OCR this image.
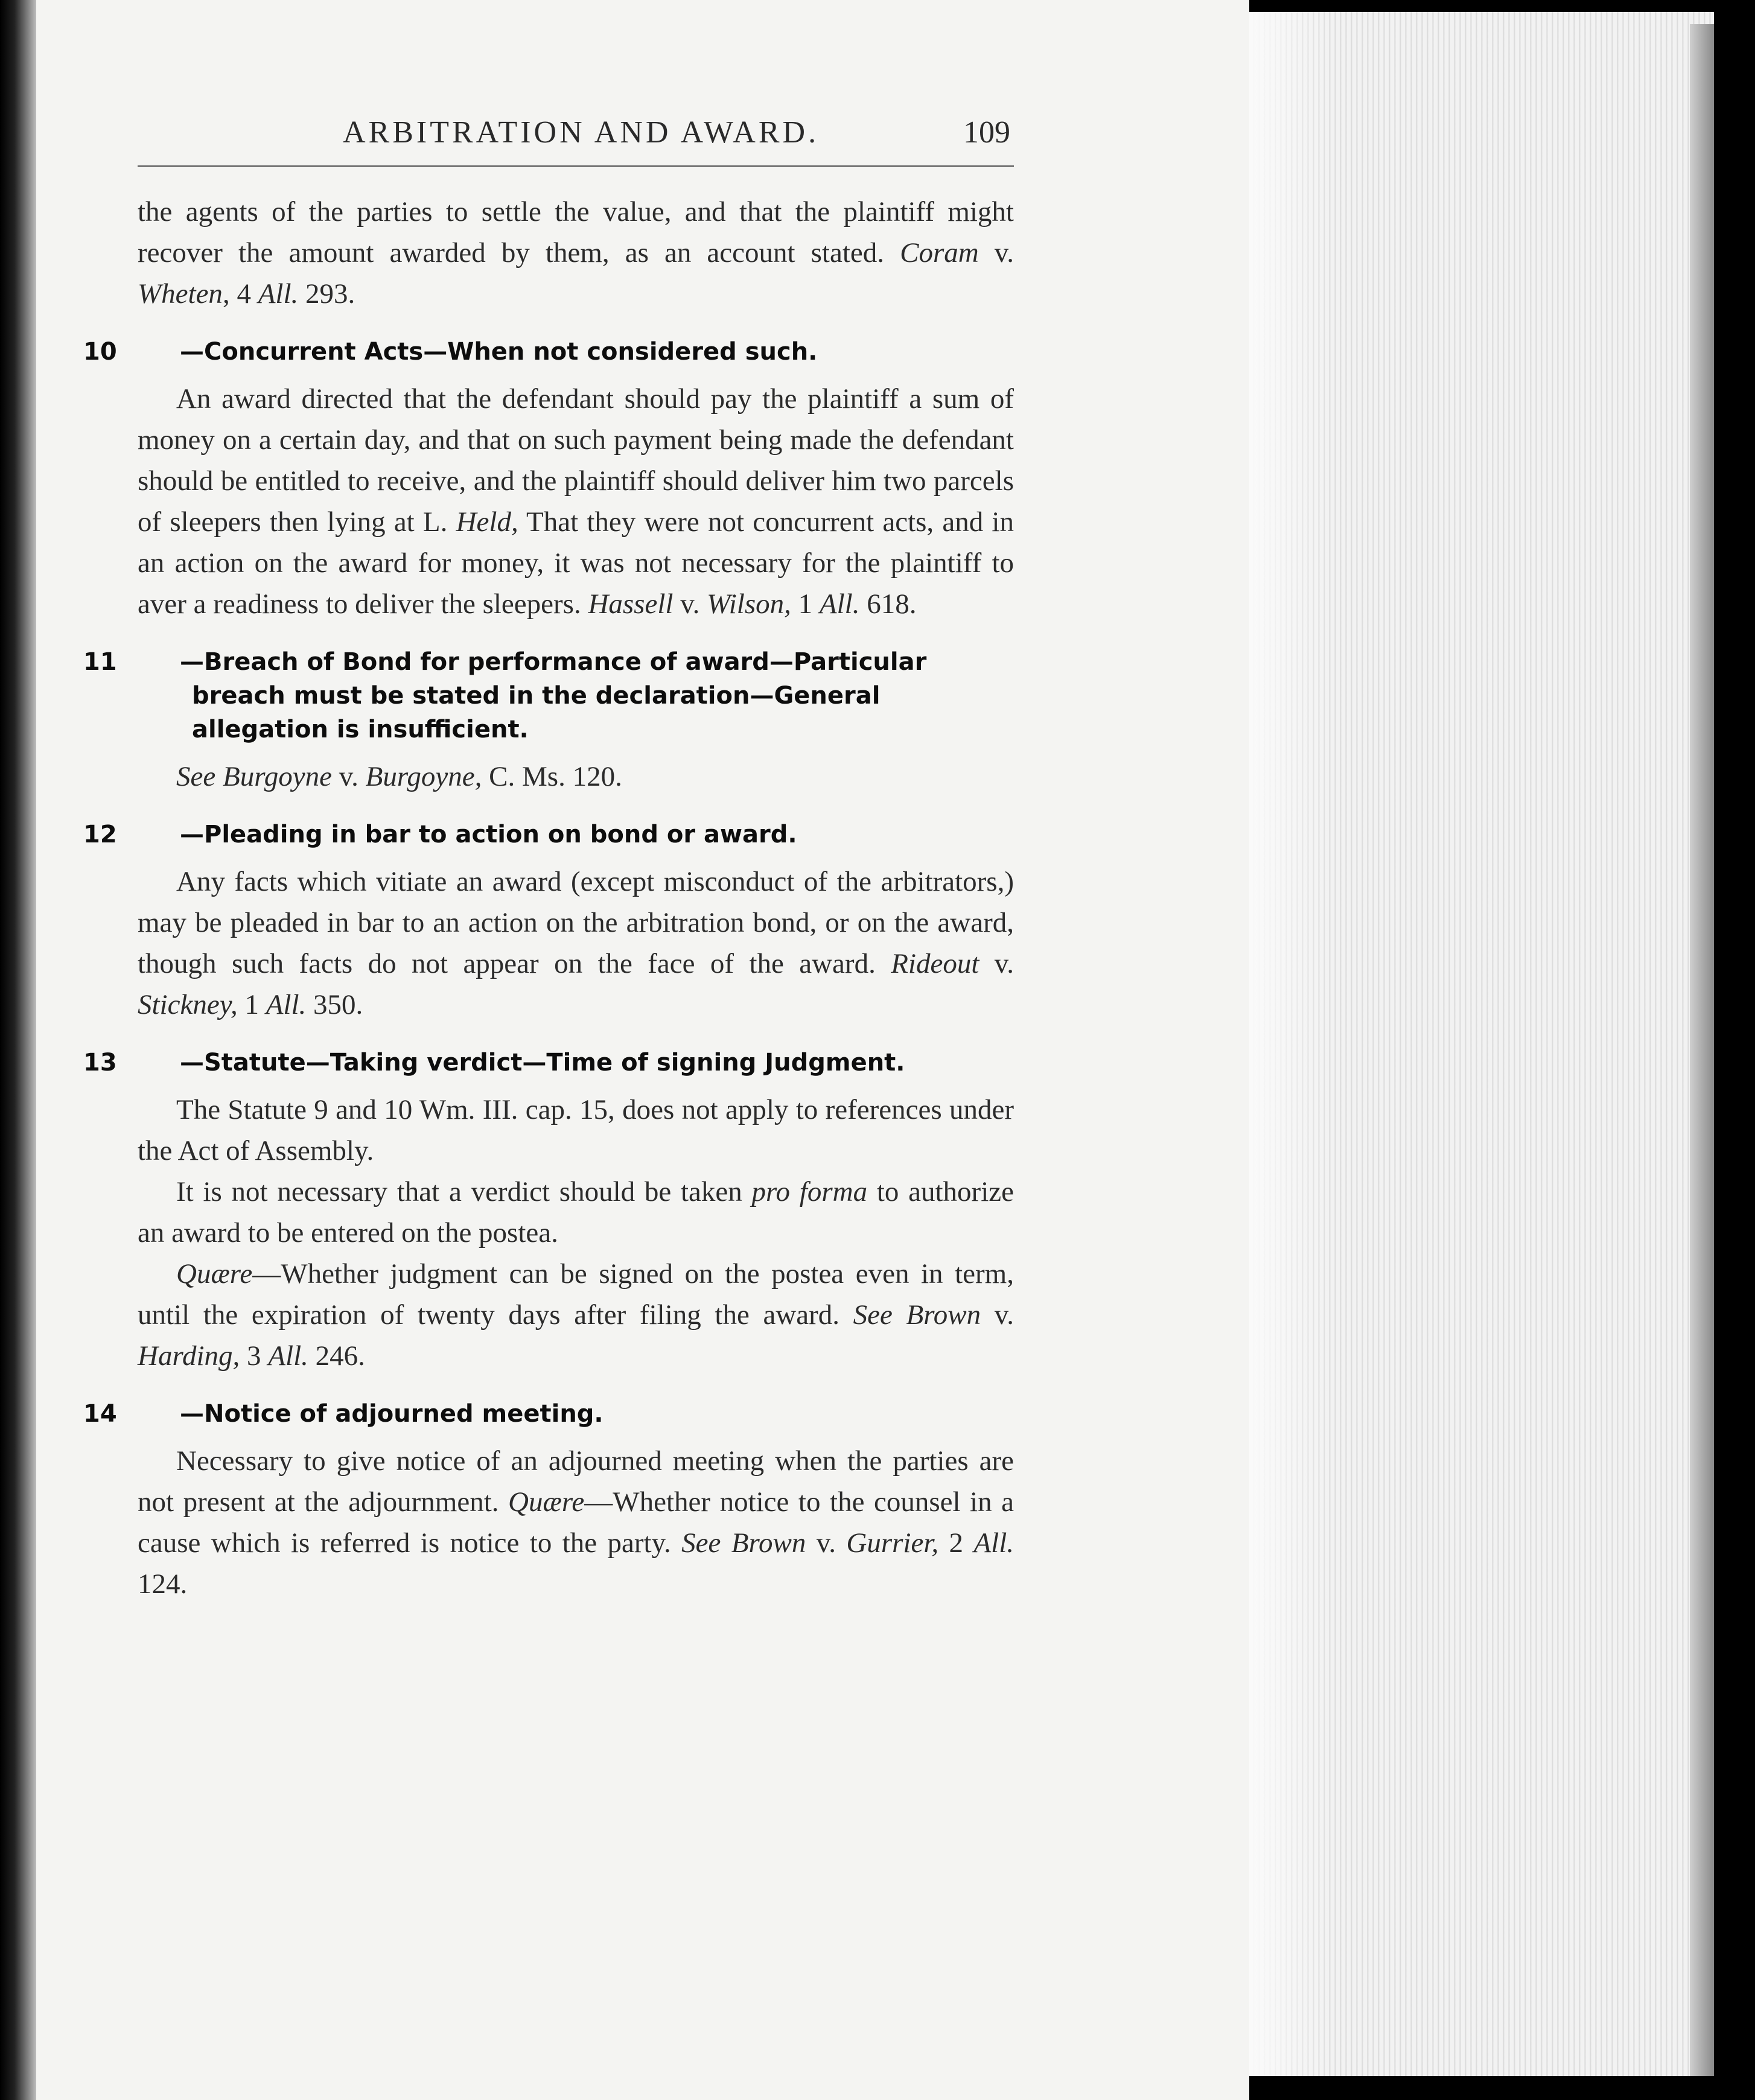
ARBITRATION AND AWARD.	109

the agents of the parties to settle the value, and that the plaintiff might recover the amount awarded by them, as an account stated. Coram v. Wheten, 4 All. 293.

10	—Concurrent Acts—When not considered such.

An award directed that the defendant should pay the plaintiff a sum of money on a certain day, and that on such payment being made the defendant should be entitled to receive, and the plaintiff should deliver him two parcels of sleepers then lying at L. Held, That they were not concurrent acts, and in an action on the award for money, it was not necessary for the plaintiff to aver a readiness to deliver the sleepers. Hassell v. Wilson, 1 All. 618.

11	—Breach of Bond for performance of award—Particular breach must be stated in the declaration—General allegation is insufficient.

See Burgoyne v. Burgoyne, C. Ms. 120.

12	—Pleading in bar to action on bond or award.

Any facts which vitiate an award (except misconduct of the arbitrators,) may be pleaded in bar to an action on the arbitration bond, or on the award, though such facts do not appear on the face of the award. Rideout v. Stickney, 1 All. 350.

13	—Statute—Taking verdict—Time of signing Judgment.

The Statute 9 and 10 Wm. III. cap. 15, does not apply to references under the Act of Assembly.

It is not necessary that a verdict should be taken pro forma to authorize an award to be entered on the postea.

Quære—Whether judgment can be signed on the postea even in term, until the expiration of twenty days after filing the award. See Brown v. Harding, 3 All. 246.

14	—Notice of adjourned meeting.

Necessary to give notice of an adjourned meeting when the parties are not present at the adjournment. Quære—Whether notice to the counsel in a cause which is referred is notice to the party. See Brown v. Gurrier, 2 All. 124.
